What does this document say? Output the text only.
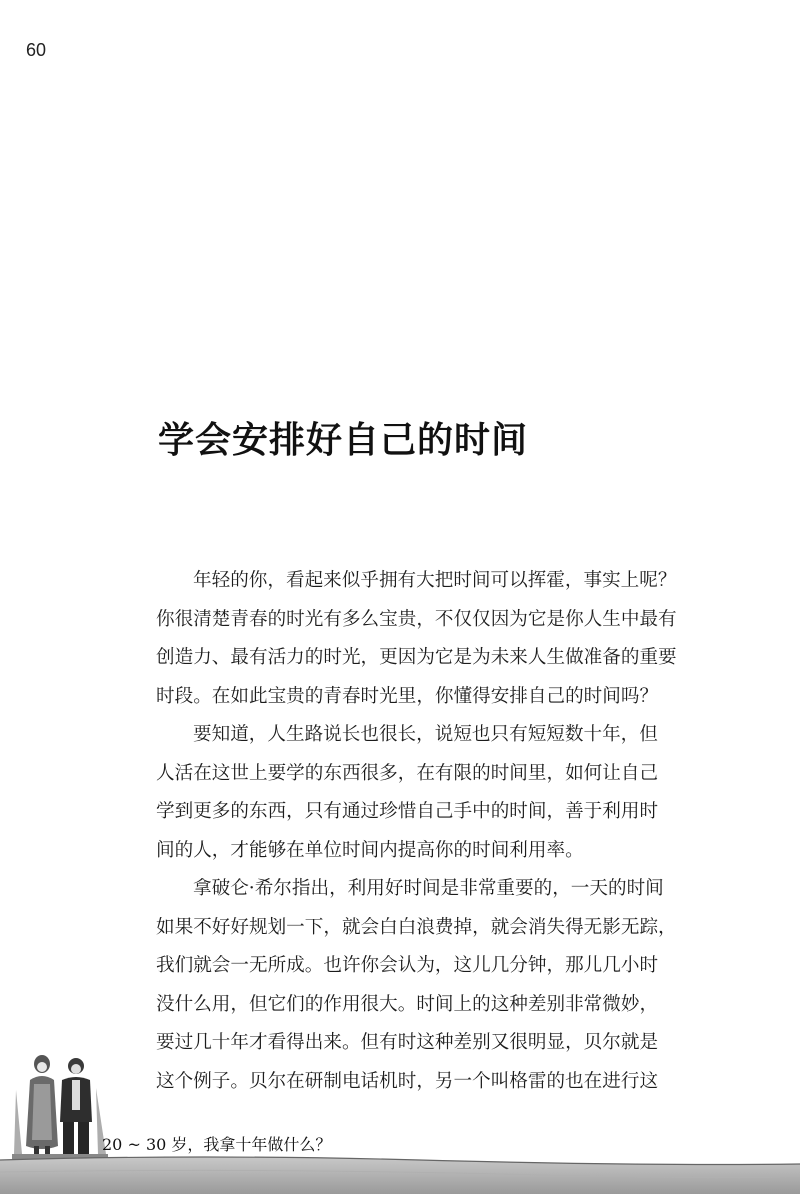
60
学会安排好自己的时间

年轻的你，看起来似乎拥有大把时间可以挥霍，事实上呢？
你很清楚青春的时光有多么宝贵，不仅仅因为它是你人生中最有
创造力、最有活力的时光，更因为它是为未来人生做准备的重要
时段。在如此宝贵的青春时光里，你懂得安排自己的时间吗？

要知道，人生路说长也很长，说短也只有短短数十年，但
人活在这世上要学的东西很多，在有限的时间里，如何让自己
学到更多的东西，只有通过珍惜自己手中的时间，善于利用时
间的人，才能够在单位时间内提高你的时间利用率。

拿破仑·希尔指出，利用好时间是非常重要的，一天的时间
如果不好好规划一下，就会白白浪费掉，就会消失得无影无踪，
我们就会一无所成。也许你会认为，这儿几分钟，那儿几小时
没什么用，但它们的作用很大。时间上的这种差别非常微妙，
要过几十年才看得出来。但有时这种差别又很明显，贝尔就是
这个例子。贝尔在研制电话机时，另一个叫格雷的也在进行这

20 ~ 30 岁，我拿十年做什么？
